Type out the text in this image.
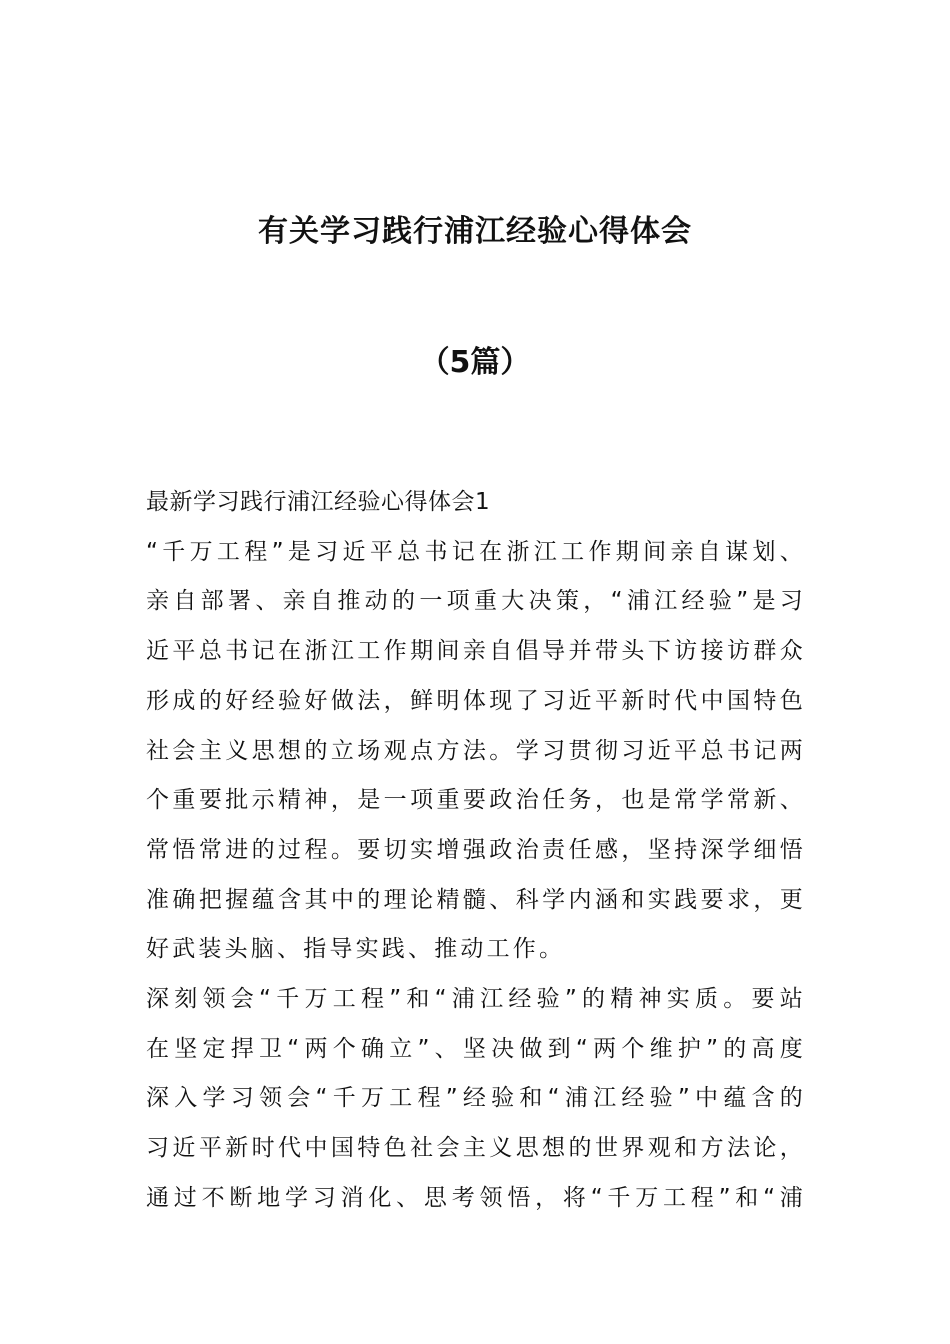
有关学习践行浦江经验心得体会
（5篇）

最新学习践行浦江经验心得体会1

“千万工程”是习近平总书记在浙江工作期间亲自谋划、
亲自部署、亲自推动的一项重大决策，“浦江经验”是习
近平总书记在浙江工作期间亲自倡导并带头下访接访群众
形成的好经验好做法，鲜明体现了习近平新时代中国特色
社会主义思想的立场观点方法。学习贯彻习近平总书记两
个重要批示精神，是一项重要政治任务，也是常学常新、
常悟常进的过程。要切实增强政治责任感，坚持深学细悟
准确把握蕴含其中的理论精髓、科学内涵和实践要求，更
好武装头脑、指导实践、推动工作。
深刻领会“千万工程”和“浦江经验”的精神实质。要站
在坚定捍卫“两个确立”、坚决做到“两个维护”的高度
深入学习领会“千万工程”经验和“浦江经验”中蕴含的
习近平新时代中国特色社会主义思想的世界观和方法论，
通过不断地学习消化、思考领悟，将“千万工程”和“浦
